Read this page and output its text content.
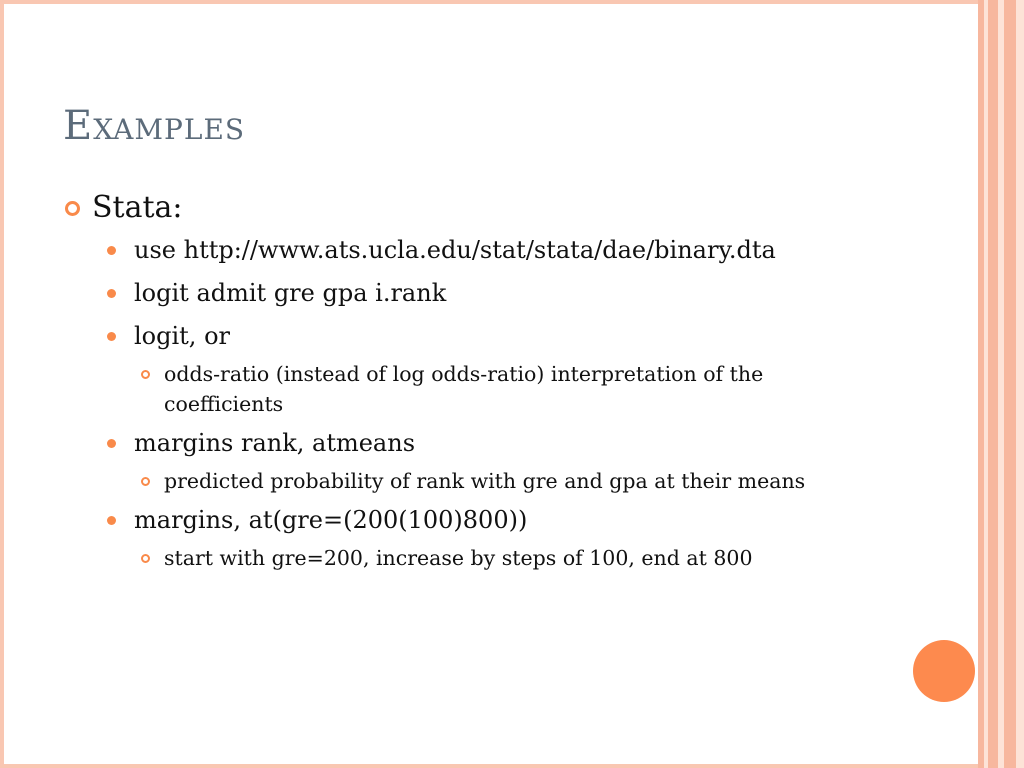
Examples
Stata:
use http://www.ats.ucla.edu/stat/stata/dae/binary.dta
logit admit gre gpa i.rank
logit, or
odds-ratio (instead of log odds-ratio) interpretation of the coefficients
margins rank, atmeans
predicted probability of rank with gre and gpa at their means
margins, at(gre=(200(100)800))
start with gre=200, increase by steps of 100, end at 800
